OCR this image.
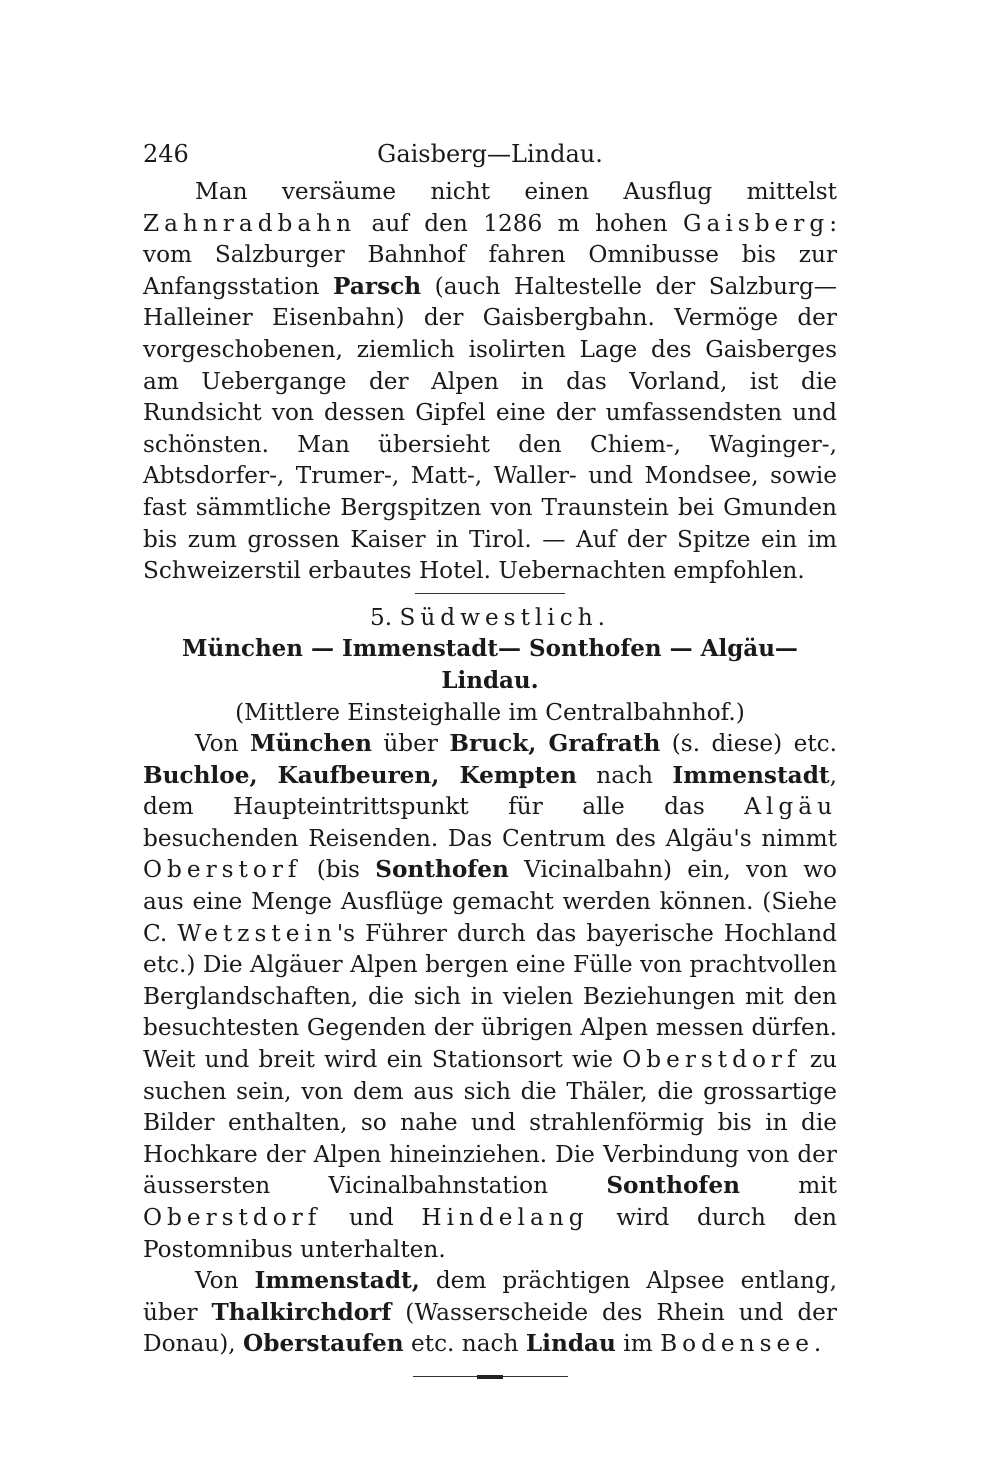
246	Gaisberg—Lindau.

Man versäume nicht einen Ausflug mittelst Zahnradbahn auf den 1286 m hohen Gaisberg: vom Salzburger Bahnhof fahren Omnibusse bis zur Anfangsstation Parsch (auch Haltestelle der Salzburg—Halleiner Eisenbahn) der Gaisbergbahn. Vermöge der vorgeschobenen, ziemlich isolirten Lage des Gaisberges am Uebergange der Alpen in das Vorland, ist die Rundsicht von dessen Gipfel eine der umfassendsten und schönsten. Man übersieht den Chiem-, Waginger-, Abtsdorfer-, Trumer-, Matt-, Waller- und Mondsee, sowie fast sämmtliche Bergspitzen von Traunstein bei Gmunden bis zum grossen Kaiser in Tirol. — Auf der Spitze ein im Schweizerstil erbautes Hotel. Uebernachten empfohlen.

5. Südwestlich.
München — Immenstadt— Sonthofen — Algäu— Lindau.
(Mittlere Einsteighalle im Centralbahnhof.)

Von München über Bruck, Grafrath (s. diese) etc. Buchloe, Kaufbeuren, Kempten nach Immenstadt, dem Haupteintrittspunkt für alle das Algäu besuchenden Reisenden. Das Centrum des Algäu's nimmt Oberstorf (bis Sonthofen Vicinalbahn) ein, von wo aus eine Menge Ausflüge gemacht werden können. (Siehe C. Wetzstein's Führer durch das bayerische Hochland etc.) Die Algäuer Alpen bergen eine Fülle von prachtvollen Berglandschaften, die sich in vielen Beziehungen mit den besuchtesten Gegenden der übrigen Alpen messen dürfen. Weit und breit wird ein Stationsort wie Oberstdorf zu suchen sein, von dem aus sich die Thäler, die grossartige Bilder enthalten, so nahe und strahlenförmig bis in die Hochkare der Alpen hineinziehen. Die Verbindung von der äussersten Vicinalbahnstation Sonthofen mit Oberstdorf und Hindelang wird durch den Postomnibus unterhalten.

Von Immenstadt, dem prächtigen Alpsee entlang, über Thalkirchdorf (Wasserscheide des Rhein und der Donau), Oberstaufen etc. nach Lindau im Bodensee.
